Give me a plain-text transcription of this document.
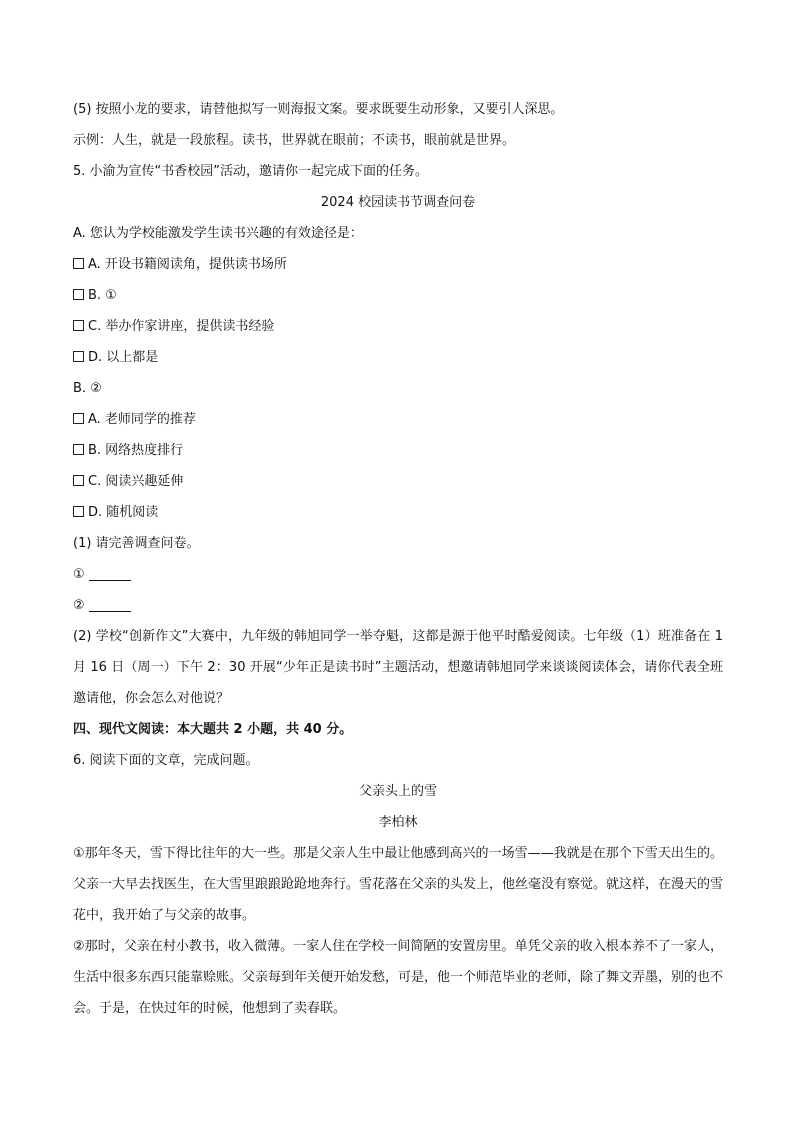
(5) 按照小龙的要求，请替他拟写一则海报文案。要求既要生动形象，又要引人深思。
示例：人生，就是一段旅程。读书，世界就在眼前；不读书，眼前就是世界。
5. 小渝为宣传“书香校园”活动，邀请你一起完成下面的任务。
2024 校园读书节调查问卷
A. 您认为学校能激发学生读书兴趣的有效途径是：
A. 开设书籍阅读角，提供读书场所
B. ①
C. 举办作家讲座，提供读书经验
D. 以上都是
B. ②
A. 老师同学的推荐
B. 网络热度排行
C. 阅读兴趣延伸
D. 随机阅读
(1) 请完善调查问卷。
①
②
(2) 学校“创新作文”大赛中，九年级的韩旭同学一举夺魁，这都是源于他平时酷爱阅读。七年级（1）班准备在 1 月 16 日（周一）下午 2：30 开展“少年正是读书时”主题活动，想邀请韩旭同学来谈谈阅读体会，请你代表全班邀请他，你会怎么对他说？
四、现代文阅读：本大题共 2 小题，共 40 分。
6. 阅读下面的文章，完成问题。
父亲头上的雪
李柏林
①那年冬天，雪下得比往年的大一些。那是父亲人生中最让他感到高兴的一场雪——我就是在那个下雪天出生的。父亲一大早去找医生，在大雪里踉踉跄跄地奔行。雪花落在父亲的头发上，他丝毫没有察觉。就这样，在漫天的雪花中，我开始了与父亲的故事。
②那时，父亲在村小教书，收入微薄。一家人住在学校一间简陋的安置房里。单凭父亲的收入根本养不了一家人，生活中很多东西只能靠赊账。父亲每到年关便开始发愁，可是，他一个师范毕业的老师，除了舞文弄墨，别的也不会。于是，在快过年的时候，他想到了卖春联。
